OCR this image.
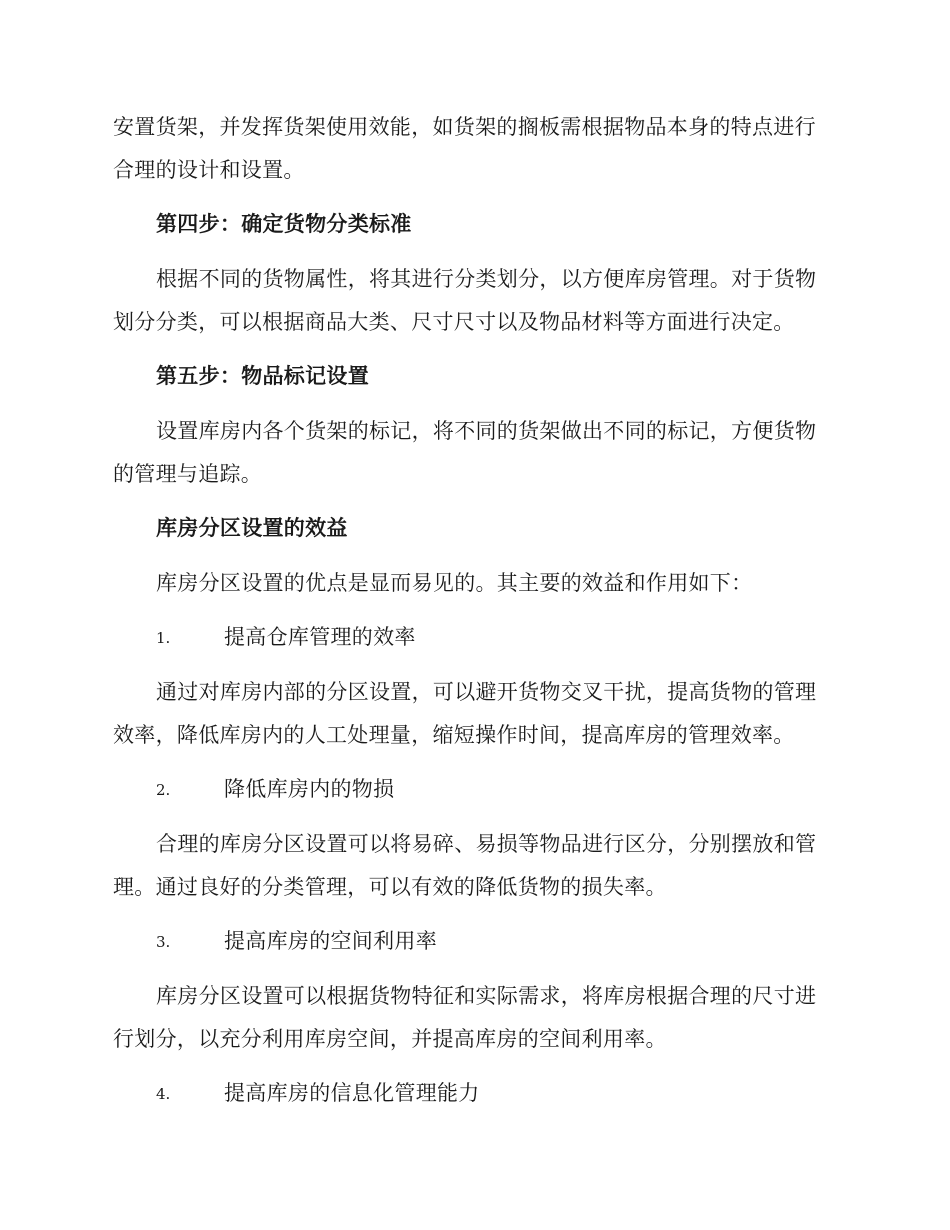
安置货架，并发挥货架使用效能，如货架的搁板需根据物品本身的特点进行
合理的设计和设置。
第四步：确定货物分类标准
根据不同的货物属性，将其进行分类划分，以方便库房管理。对于货物
划分分类，可以根据商品大类、尺寸尺寸以及物品材料等方面进行决定。
第五步：物品标记设置
设置库房内各个货架的标记，将不同的货架做出不同的标记，方便货物
的管理与追踪。
库房分区设置的效益
库房分区设置的优点是显而易见的。其主要的效益和作用如下：
1.	提高仓库管理的效率
通过对库房内部的分区设置，可以避开货物交叉干扰，提高货物的管理
效率，降低库房内的人工处理量，缩短操作时间，提高库房的管理效率。
2.	降低库房内的物损
合理的库房分区设置可以将易碎、易损等物品进行区分，分别摆放和管
理。通过良好的分类管理，可以有效的降低货物的损失率。
3.	提高库房的空间利用率
库房分区设置可以根据货物特征和实际需求，将库房根据合理的尺寸进
行划分，以充分利用库房空间，并提高库房的空间利用率。
4.	提高库房的信息化管理能力
